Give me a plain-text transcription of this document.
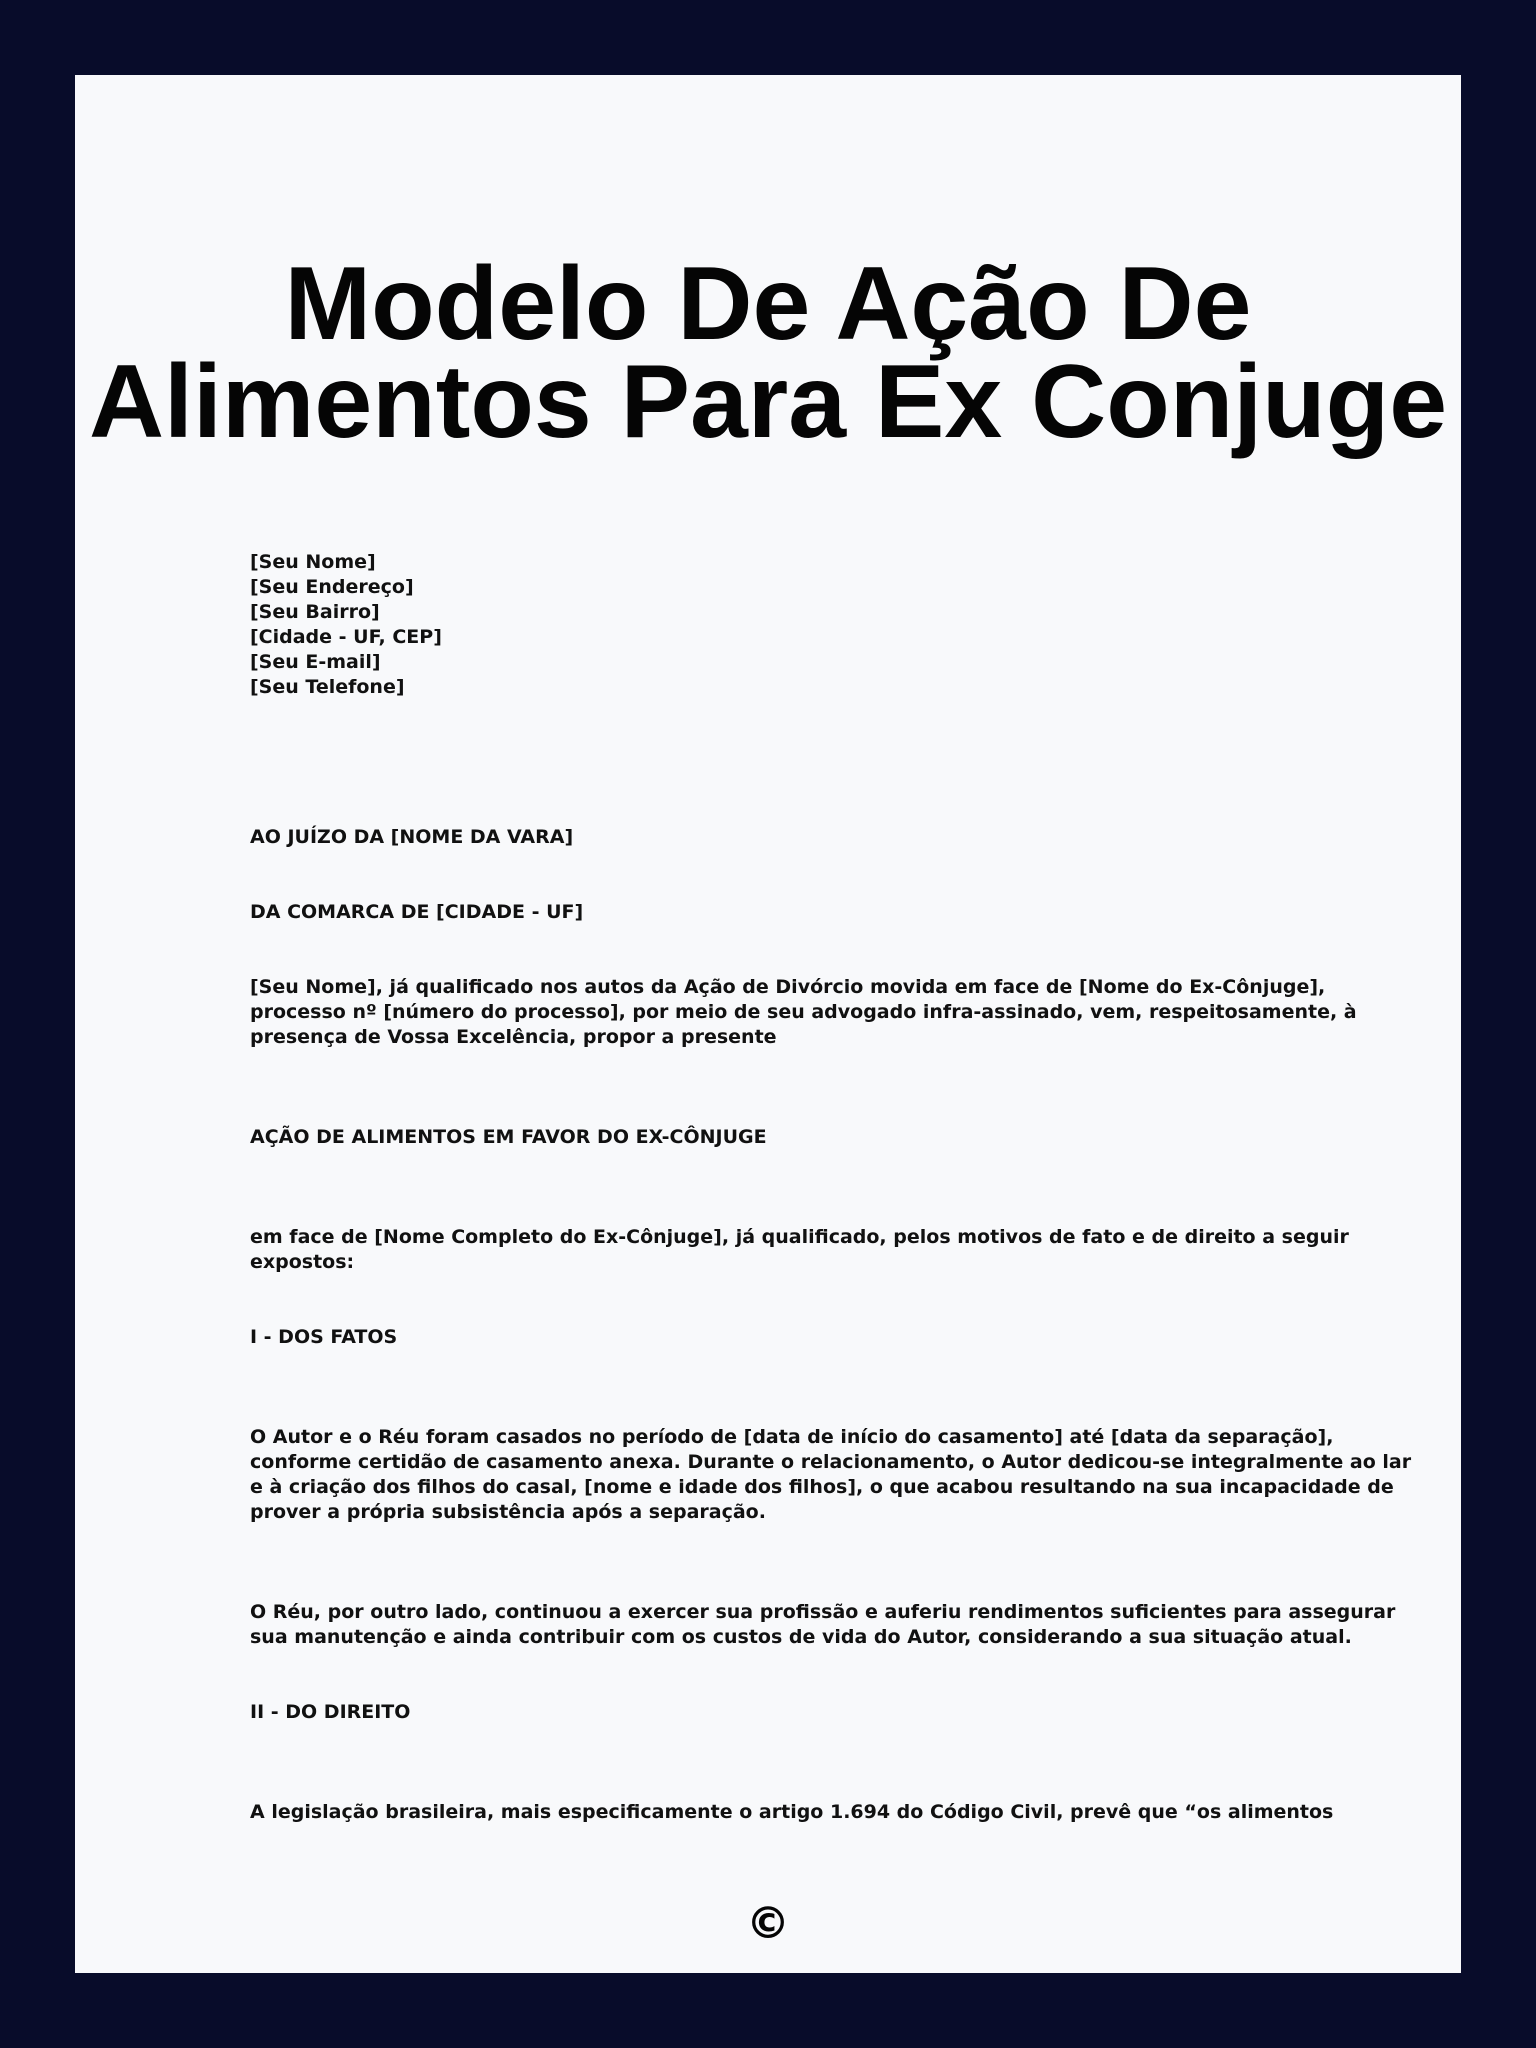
Modelo De Ação De
Alimentos Para Ex Conjuge
[Seu Nome]
[Seu Endereço]
[Seu Bairro]
[Cidade - UF, CEP]
[Seu E-mail]
[Seu Telefone]
AO JUÍZO DA [NOME DA VARA]
DA COMARCA DE [CIDADE - UF]
[Seu Nome], já qualificado nos autos da Ação de Divórcio movida em face de [Nome do Ex-Cônjuge],
processo nº [número do processo], por meio de seu advogado infra-assinado, vem, respeitosamente, à
presença de Vossa Excelência, propor a presente
AÇÃO DE ALIMENTOS EM FAVOR DO EX-CÔNJUGE
em face de [Nome Completo do Ex-Cônjuge], já qualificado, pelos motivos de fato e de direito a seguir
expostos:
I - DOS FATOS
O Autor e o Réu foram casados no período de [data de início do casamento] até [data da separação],
conforme certidão de casamento anexa. Durante o relacionamento, o Autor dedicou-se integralmente ao lar
e à criação dos filhos do casal, [nome e idade dos filhos], o que acabou resultando na sua incapacidade de
prover a própria subsistência após a separação.
O Réu, por outro lado, continuou a exercer sua profissão e auferiu rendimentos suficientes para assegurar
sua manutenção e ainda contribuir com os custos de vida do Autor, considerando a sua situação atual.
II - DO DIREITO
A legislação brasileira, mais especificamente o artigo 1.694 do Código Civil, prevê que “os alimentos
©
